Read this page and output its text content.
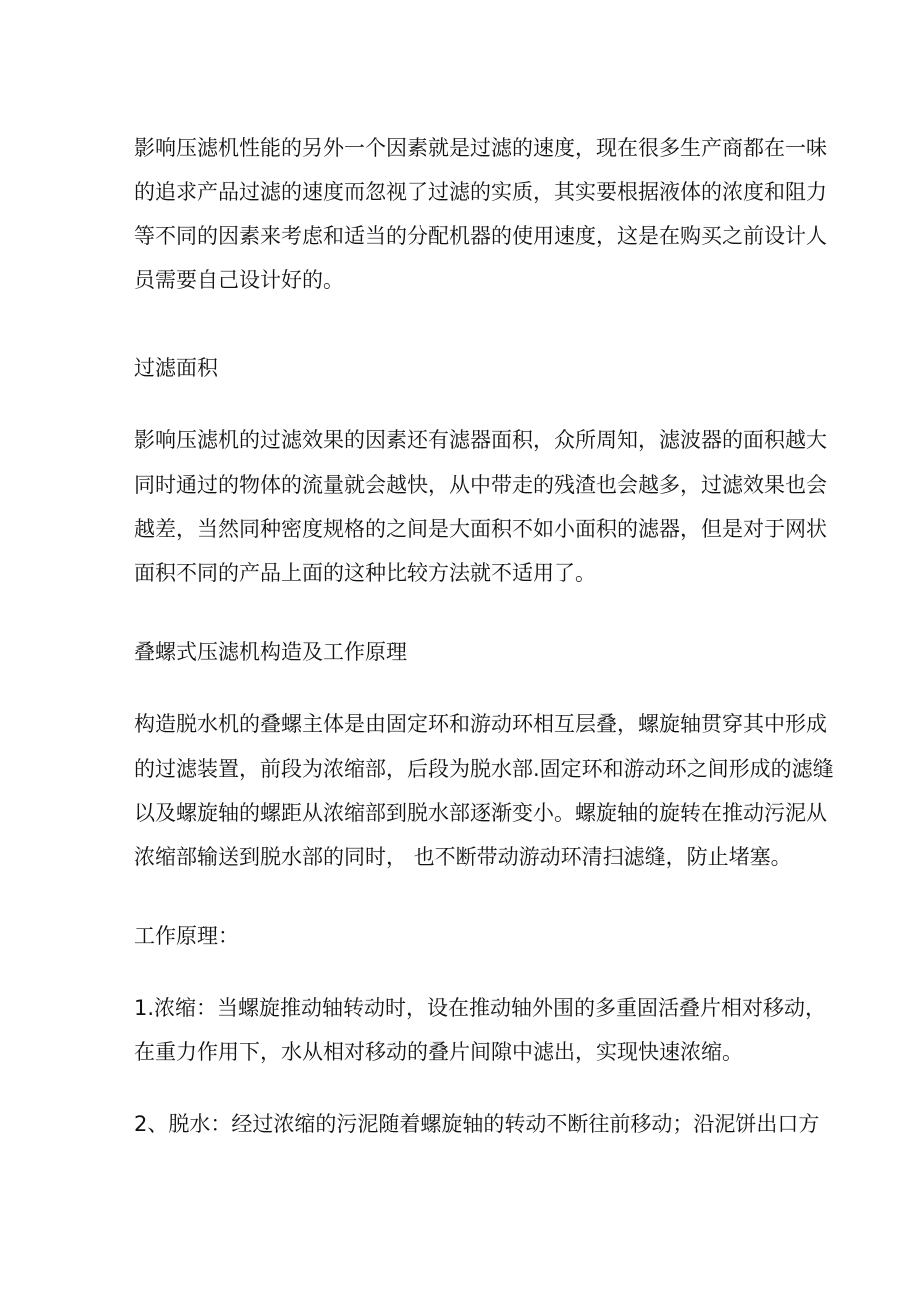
影响压滤机性能的另外一个因素就是过滤的速度，现在很多生产商都在一味

的追求产品过滤的速度而忽视了过滤的实质，其实要根据液体的浓度和阻力

等不同的因素来考虑和适当的分配机器的使用速度，这是在购买之前设计人

员需要自己设计好的。

过滤面积

影响压滤机的过滤效果的因素还有滤器面积，众所周知，滤波器的面积越大

同时通过的物体的流量就会越快，从中带走的残渣也会越多，过滤效果也会

越差，当然同种密度规格的之间是大面积不如小面积的滤器，但是对于网状

面积不同的产品上面的这种比较方法就不适用了。

叠螺式压滤机构造及工作原理

构造脱水机的叠螺主体是由固定环和游动环相互层叠，螺旋轴贯穿其中形成

的过滤装置，前段为浓缩部，后段为脱水部.固定环和游动环之间形成的滤缝

以及螺旋轴的螺距从浓缩部到脱水部逐渐变小。螺旋轴的旋转在推动污泥从

浓缩部输送到脱水部的同时， 也不断带动游动环清扫滤缝，防止堵塞。

工作原理：

1.浓缩：当螺旋推动轴转动时，设在推动轴外围的多重固活叠片相对移动，

在重力作用下，水从相对移动的叠片间隙中滤出，实现快速浓缩。

2、脱水：经过浓缩的污泥随着螺旋轴的转动不断往前移动；沿泥饼出口方
